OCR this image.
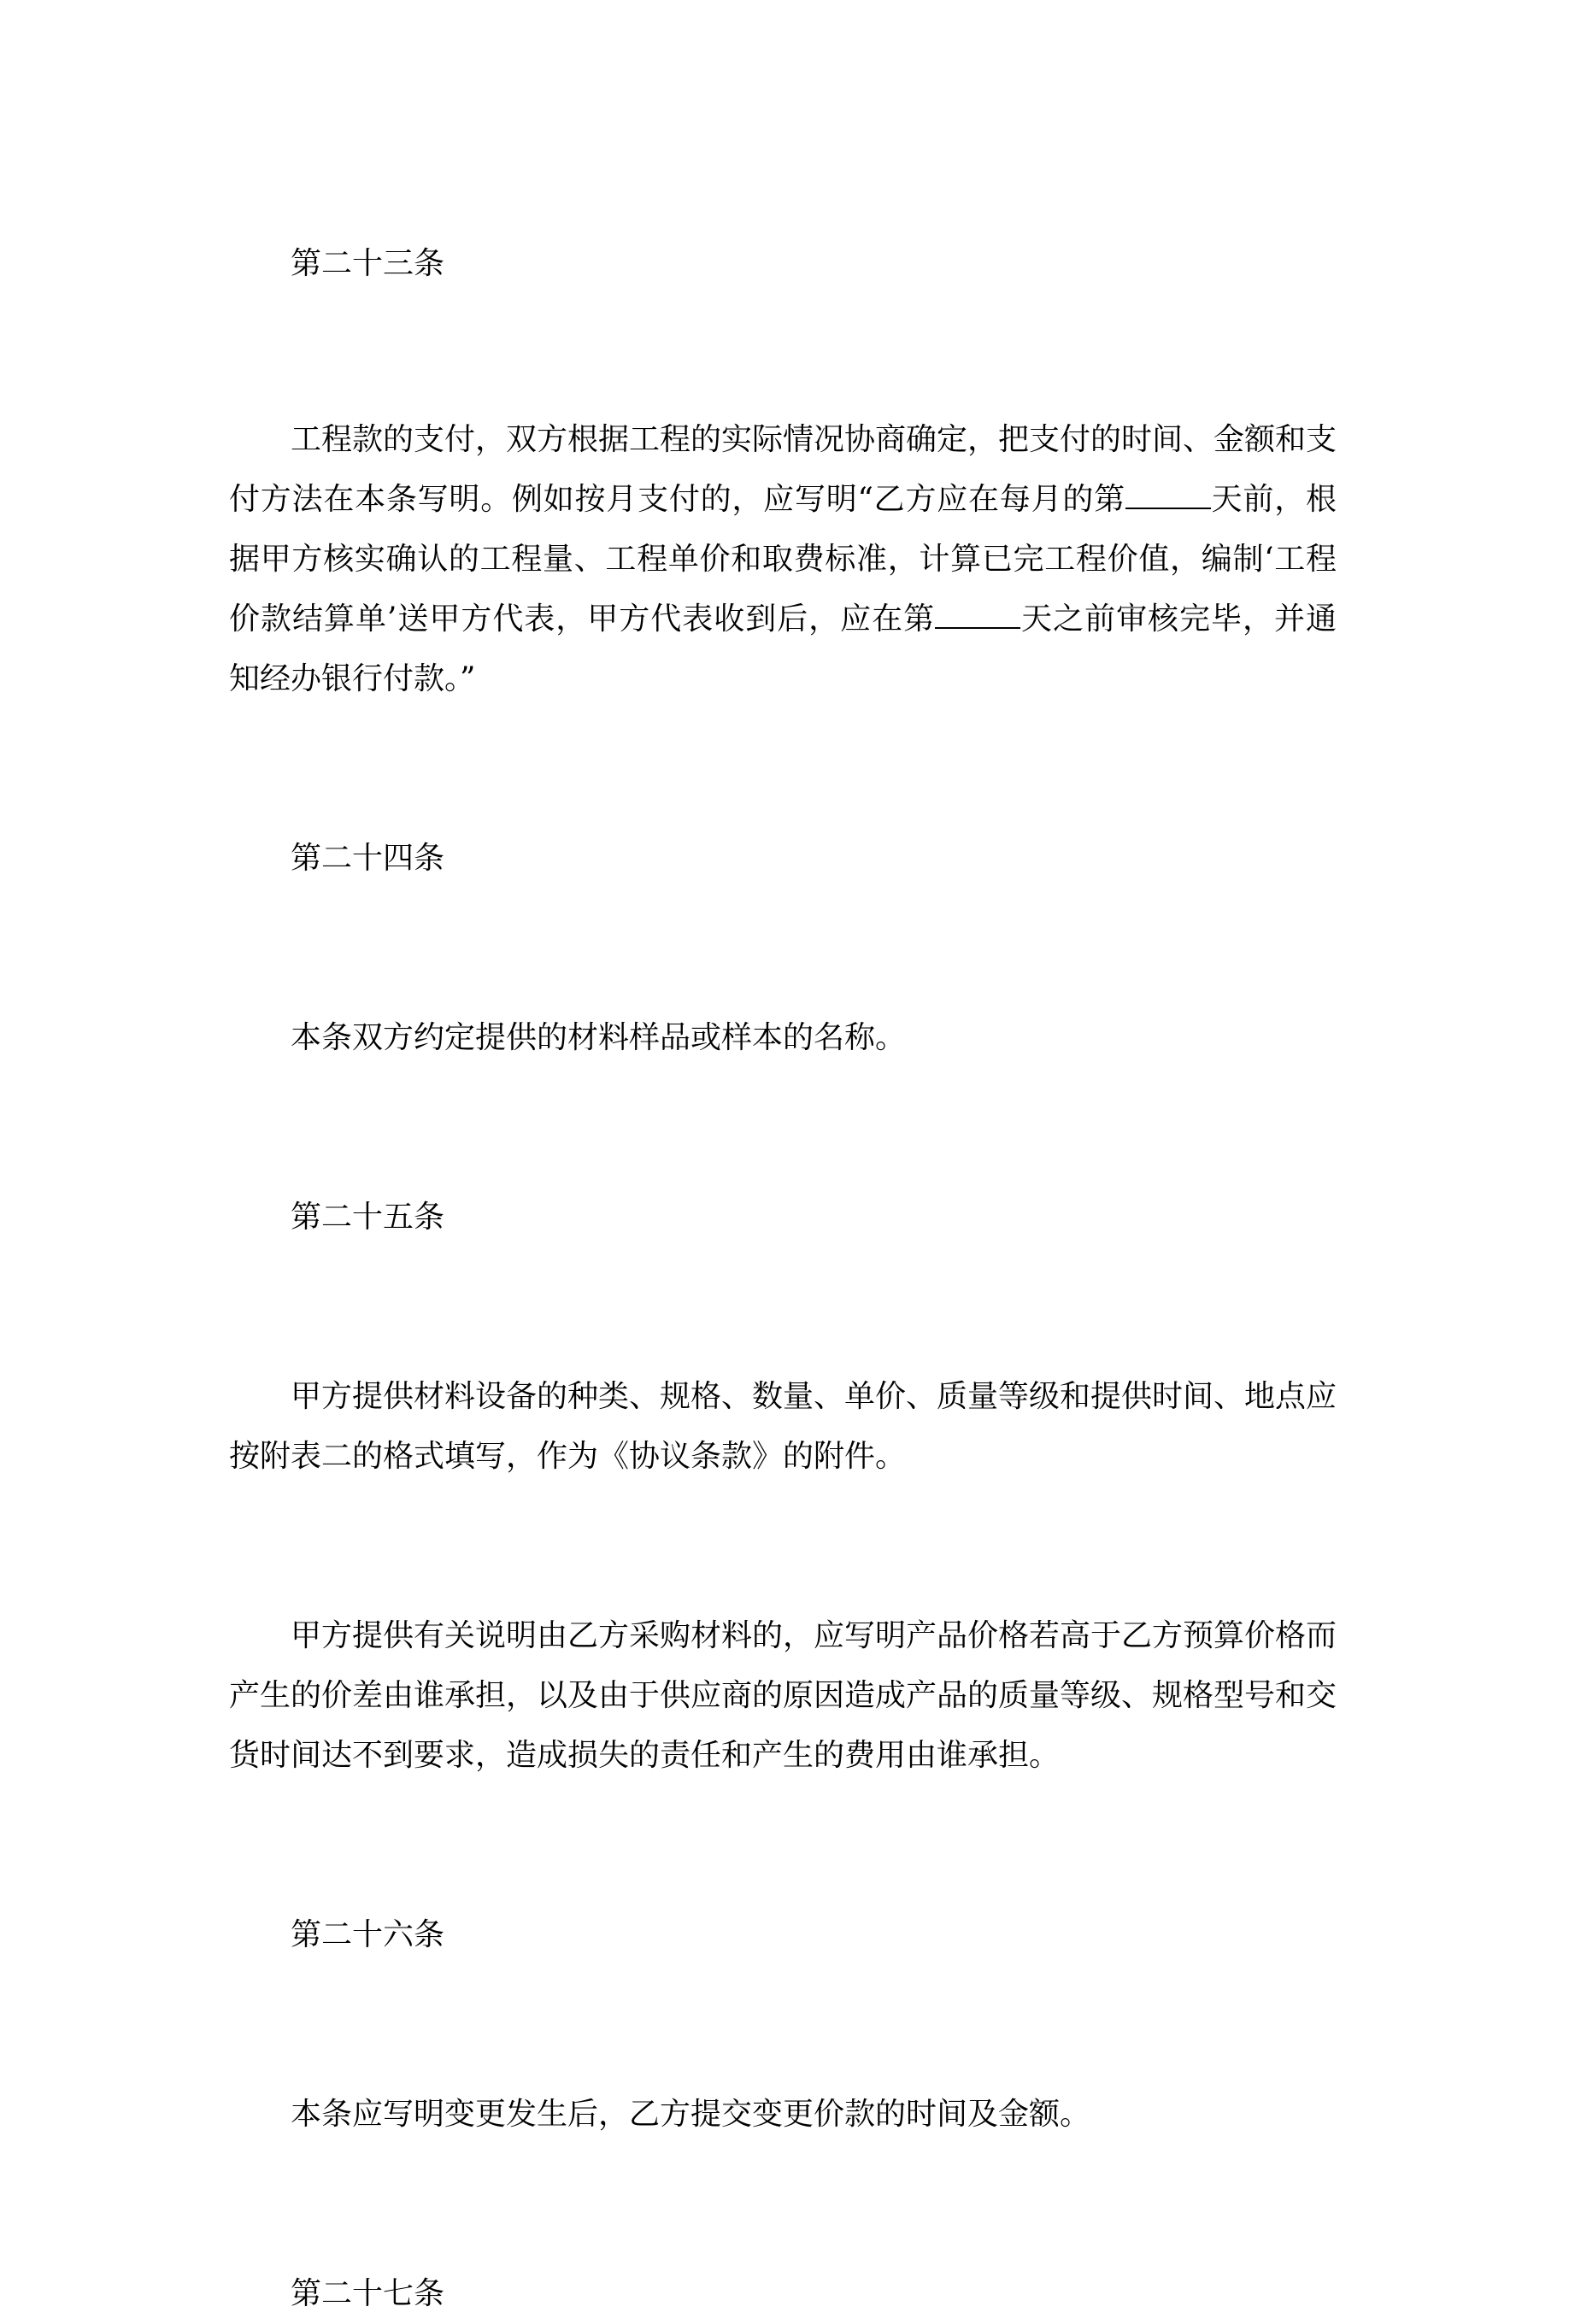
第二十三条

工程款的支付，双方根据工程的实际情况协商确定，把支付的时间、金额和支付方法在本条写明。例如按月支付的，应写明“乙方应在每月的第	天前，根据甲方核实确认的工程量、工程单价和取费标准，计算已完工程价值，编制‘工程价款结算单’送甲方代表，甲方代表收到后，应在第	天之前审核完毕，并通知经办银行付款。”

第二十四条

本条双方约定提供的材料样品或样本的名称。

第二十五条

甲方提供材料设备的种类、规格、数量、单价、质量等级和提供时间、地点应按附表二的格式填写，作为《协议条款》的附件。

甲方提供有关说明由乙方采购材料的，应写明产品价格若高于乙方预算价格而产生的价差由谁承担，以及由于供应商的原因造成产品的质量等级、规格型号和交货时间达不到要求，造成损失的责任和产生的费用由谁承担。

第二十六条

本条应写明变更发生后，乙方提交变更价款的时间及金额。

第二十七条
